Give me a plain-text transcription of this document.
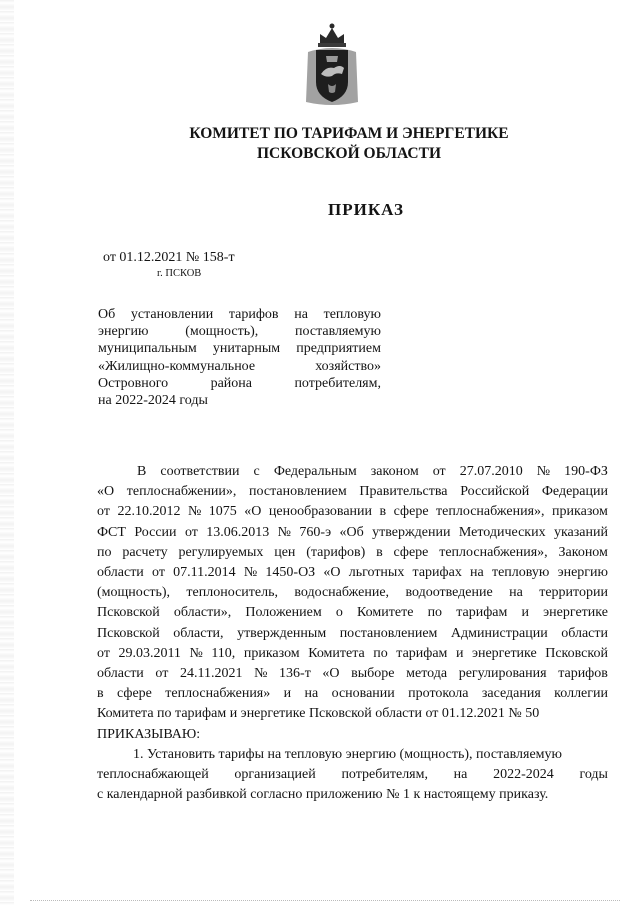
КОМИТЕТ ПО ТАРИФАМ И ЭНЕРГЕТИКЕ
ПСКОВСКОЙ ОБЛАСТИ
ПРИКАЗ
от 01.12.2021 № 158-т
г. ПСКОВ
Об установлении тарифов на тепловую
энергию	(мощность),	поставляемую
муниципальным унитарным предприятием
«Жилищно-коммунальное	хозяйство»
Островного	района	потребителям,
на 2022-2024 годы
В соответствии с Федеральным законом от 27.07.2010 № 190-ФЗ
«О теплоснабжении», постановлением Правительства Российской Федерации
от 22.10.2012 № 1075 «О ценообразовании в сфере теплоснабжения», приказом
ФСТ России от 13.06.2013 № 760-э «Об утверждении Методических указаний
по расчету регулируемых цен (тарифов) в сфере теплоснабжения», Законом
области от 07.11.2014 № 1450-ОЗ «О льготных тарифах на тепловую энергию
(мощность), теплоноситель, водоснабжение, водоотведение на территории
Псковской области», Положением о Комитете по тарифам и энергетике
Псковской области, утвержденным постановлением Администрации области
от 29.03.2011 № 110, приказом Комитета по тарифам и энергетике Псковской
области от 24.11.2021 № 136-т «О выборе метода регулирования тарифов
в сфере теплоснабжения» и на основании протокола заседания коллегии
Комитета по тарифам и энергетике Псковской области от 01.12.2021 № 50
ПРИКАЗЫВАЮ:
1. Установить тарифы на тепловую энергию (мощность), поставляемую
теплоснабжающей организацией потребителям, на 2022-2024 годы
с календарной разбивкой согласно приложению № 1 к настоящему приказу.
